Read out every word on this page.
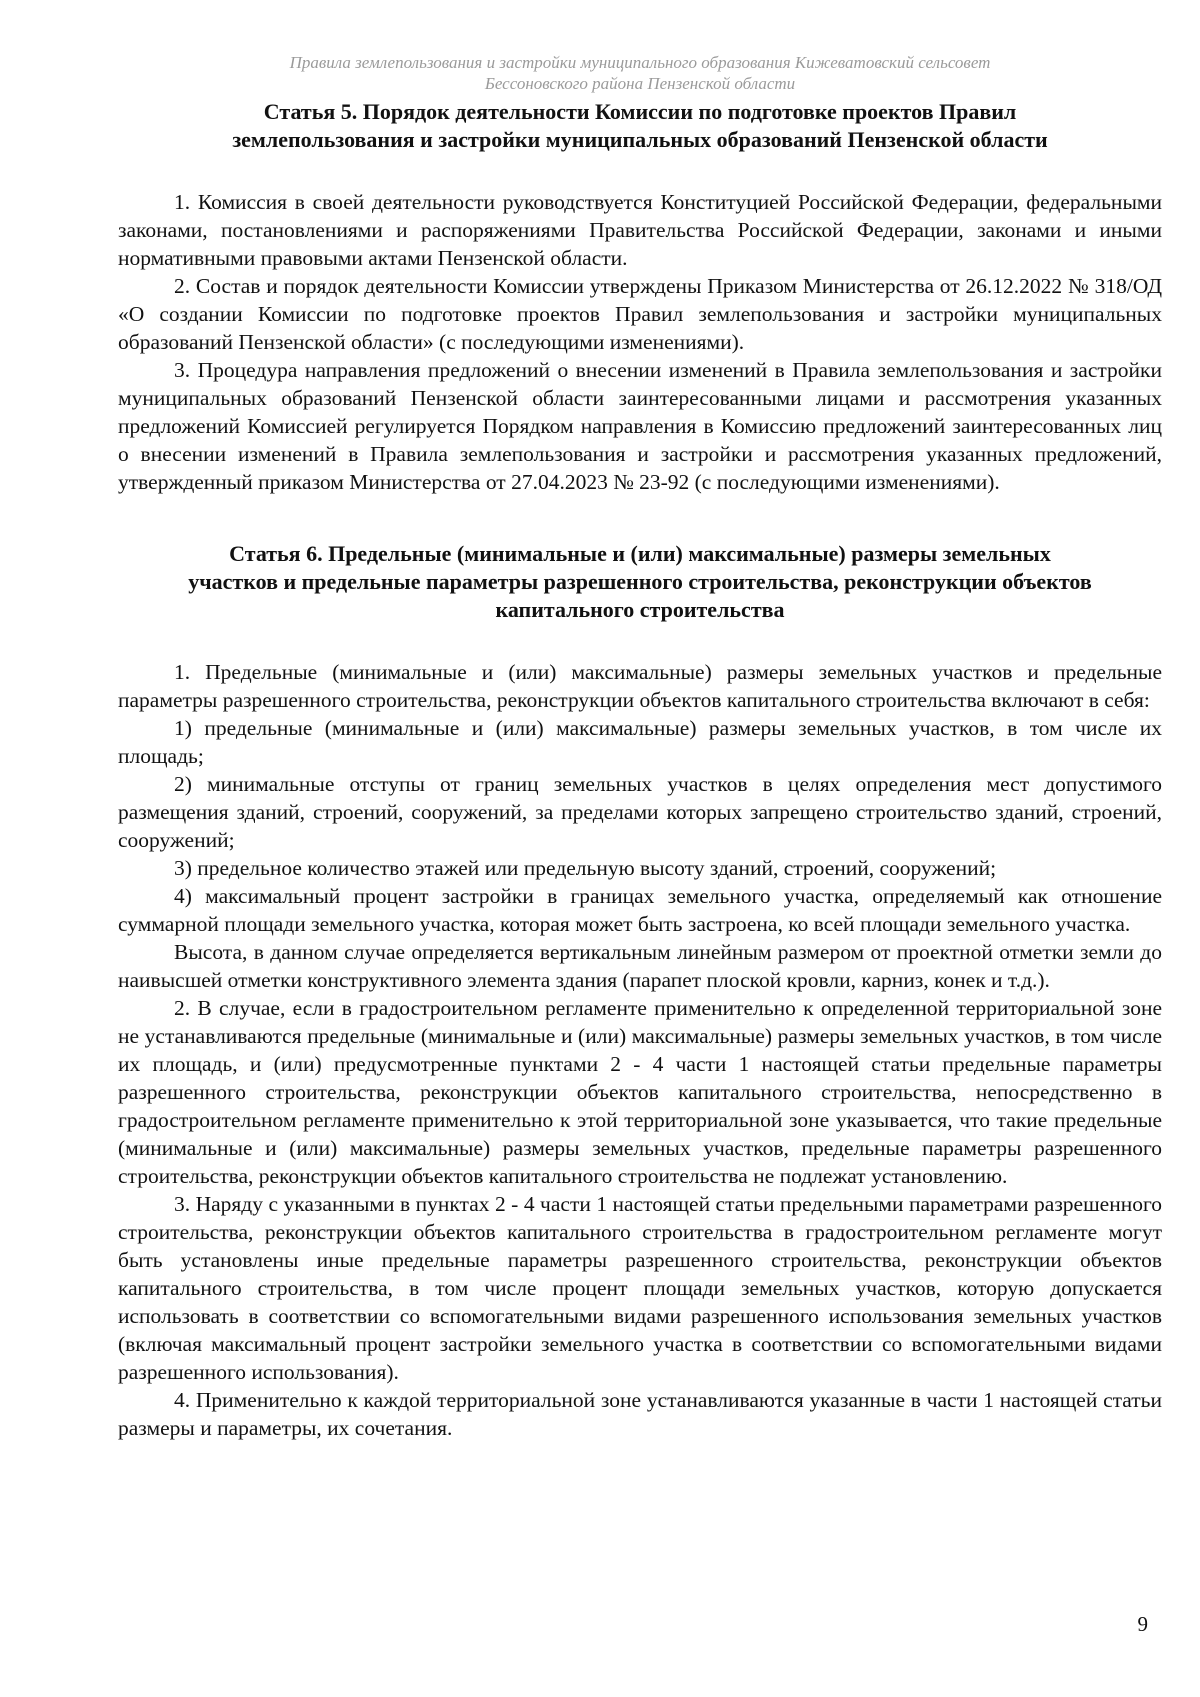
Правила землепользования и застройки муниципального образования Кижеватовский сельсовет
Бессоновского района Пензенской области
Статья 5. Порядок деятельности Комиссии по подготовке проектов Правил
землепользования и застройки муниципальных образований Пензенской области

1. Комиссия в своей деятельности руководствуется Конституцией Российской Федерации, федеральными законами, постановлениями и распоряжениями Правительства Российской Федерации, законами и иными нормативными правовыми актами Пензенской области.

2. Состав и порядок деятельности Комиссии утверждены Приказом Министерства от 26.12.2022 № 318/ОД «О создании Комиссии по подготовке проектов Правил землепользования и застройки муниципальных образований Пензенской области» (с последующими изменениями).

3. Процедура направления предложений о внесении изменений в Правила землепользования и застройки муниципальных образований Пензенской области заинтересованными лицами и рассмотрения указанных предложений Комиссией регулируется Порядком направления в Комиссию предложений заинтересованных лиц о внесении изменений в Правила землепользования и застройки и рассмотрения указанных предложений, утвержденный приказом Министерства от 27.04.2023 № 23-92 (с последующими изменениями).

Статья 6. Предельные (минимальные и (или) максимальные) размеры земельных
участков и предельные параметры разрешенного строительства, реконструкции объектов
капитального строительства

1. Предельные (минимальные и (или) максимальные) размеры земельных участков и предельные параметры разрешенного строительства, реконструкции объектов капитального строительства включают в себя:

1) предельные (минимальные и (или) максимальные) размеры земельных участков, в том числе их площадь;

2) минимальные отступы от границ земельных участков в целях определения мест допустимого размещения зданий, строений, сооружений, за пределами которых запрещено строительство зданий, строений, сооружений;

3) предельное количество этажей или предельную высоту зданий, строений, сооружений;

4) максимальный процент застройки в границах земельного участка, определяемый как отношение суммарной площади земельного участка, которая может быть застроена, ко всей площади земельного участка.

Высота, в данном случае определяется вертикальным линейным размером от проектной отметки земли до наивысшей отметки конструктивного элемента здания (парапет плоской кровли, карниз, конек и т.д.).

2. В случае, если в градостроительном регламенте применительно к определенной территориальной зоне не устанавливаются предельные (минимальные и (или) максимальные) размеры земельных участков, в том числе их площадь, и (или) предусмотренные пунктами 2 - 4 части 1 настоящей статьи предельные параметры разрешенного строительства, реконструкции объектов капитального строительства, непосредственно в градостроительном регламенте применительно к этой территориальной зоне указывается, что такие предельные (минимальные и (или) максимальные) размеры земельных участков, предельные параметры разрешенного строительства, реконструкции объектов капитального строительства не подлежат установлению.

3. Наряду с указанными в пунктах 2 - 4 части 1 настоящей статьи предельными параметрами разрешенного строительства, реконструкции объектов капитального строительства в градостроительном регламенте могут быть установлены иные предельные параметры разрешенного строительства, реконструкции объектов капитального строительства, в том числе процент площади земельных участков, которую допускается использовать в соответствии со вспомогательными видами разрешенного использования земельных участков (включая максимальный процент застройки земельного участка в соответствии со вспомогательными видами разрешенного использования).

4. Применительно к каждой территориальной зоне устанавливаются указанные в части 1 настоящей статьи размеры и параметры, их сочетания.

9
